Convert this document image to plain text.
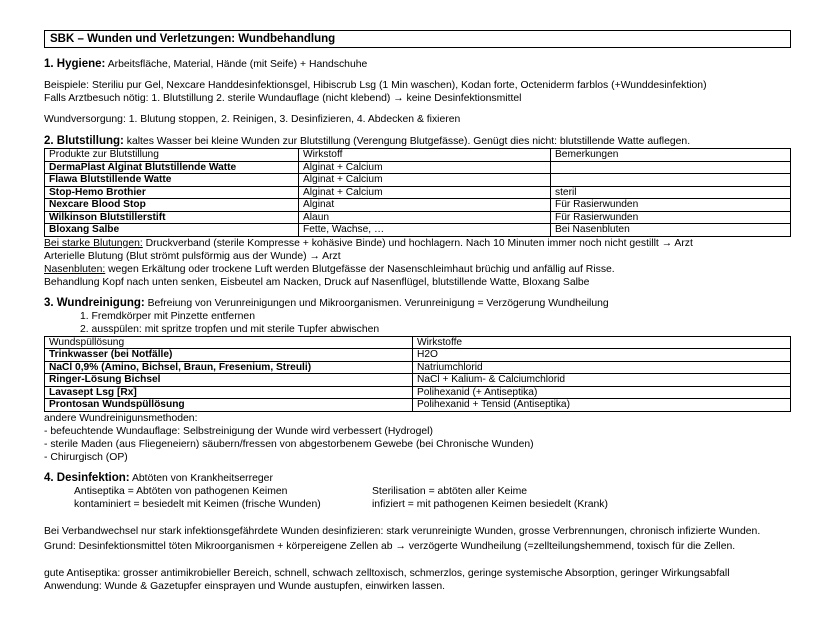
SBK – Wunden und Verletzungen: Wundbehandlung
1. Hygiene: Arbeitsfläche, Material, Hände (mit Seife) + Handschuhe
Beispiele: Steriliu pur Gel, Nexcare Handdesinfektionsgel, Hibiscrub Lsg (1 Min waschen), Kodan forte, Octeniderm farblos (+Wunddesinfektion)
Falls Arztbesuch nötig: 1. Blutstillung 2. sterile Wundauflage (nicht klebend) → keine Desinfektionsmittel
Wundversorgung: 1. Blutung stoppen, 2. Reinigen, 3. Desinfizieren, 4. Abdecken & fixieren
2. Blutstillung: kaltes Wasser bei kleine Wunden zur Blutstillung (Verengung Blutgefässe). Genügt dies nicht: blutstillende Watte auflegen.
Produkte zur Blutstillung	Wirkstoff	Bemerkungen
DermaPlast Alginat Blutstillende Watte	Alginat + Calcium	
Flawa Blutstillende Watte	Alginat + Calcium	
Stop-Hemo Brothier	Alginat + Calcium	steril
Nexcare Blood Stop	Alginat	Für Rasierwunden
Wilkinson Blutstillerstift	Alaun	Für Rasierwunden
Bloxang Salbe	Fette, Wachse, …	Bei Nasenbluten
Bei starke Blutungen: Druckverband (sterile Kompresse + kohäsive Binde) und hochlagern. Nach 10 Minuten immer noch nicht gestillt → Arzt
Arterielle Blutung (Blut strömt pulsförmig aus der Wunde) → Arzt
Nasenbluten: wegen Erkältung oder trockene Luft werden Blutgefässe der Nasenschleimhaut brüchig und anfällig auf Risse.
Behandlung Kopf nach unten senken, Eisbeutel am Nacken, Druck auf Nasenflügel, blutstillende Watte, Bloxang Salbe
3. Wundreinigung: Befreiung von Verunreinigungen und Mikroorganismen. Verunreinigung = Verzögerung Wundheilung
1. Fremdkörper mit Pinzette entfernen
2. ausspülen: mit spritze tropfen und mit sterile Tupfer abwischen
Wundspüllösung	Wirkstoffe
Trinkwasser (bei Notfälle)	H2O
NaCl 0,9% (Amino, Bichsel, Braun, Fresenium, Streuli)	Natriumchlorid
Ringer-Lösung Bichsel	NaCl + Kalium- & Calciumchlorid
Lavasept Lsg [Rx]	Polihexanid (+ Antiseptika)
Prontosan Wundspüllösung	Polihexanid + Tensid (Antiseptika)
andere Wundreinigunsmethoden:
- befeuchtende Wundauflage: Selbstreinigung der Wunde wird verbessert (Hydrogel)
- sterile Maden (aus Fliegeneiern) säubern/fressen von abgestorbenem Gewebe (bei Chronische Wunden)
- Chirurgisch (OP)
4. Desinfektion: Abtöten von Krankheitserreger
Antiseptika = Abtöten von pathogenen Keimen	Sterilisation = abtöten aller Keime
kontaminiert = besiedelt mit Keimen (frische Wunden)	infiziert = mit pathogenen Keimen besiedelt (Krank)
Bei Verbandwechsel nur stark infektionsgefährdete Wunden desinfizieren: stark verunreinigte Wunden, grosse Verbrennungen, chronisch infizierte Wunden.
Grund: Desinfektionsmittel töten Mikroorganismen + körpereigene Zellen ab → verzögerte Wundheilung (=zellteilungshemmend, toxisch für die Zellen.
gute Antiseptika: grosser antimikrobieller Bereich, schnell, schwach zelltoxisch, schmerzlos, geringe systemische Absorption, geringer Wirkungsabfall
Anwendung: Wunde & Gazetupfer einsprayen und Wunde austupfen, einwirken lassen.
